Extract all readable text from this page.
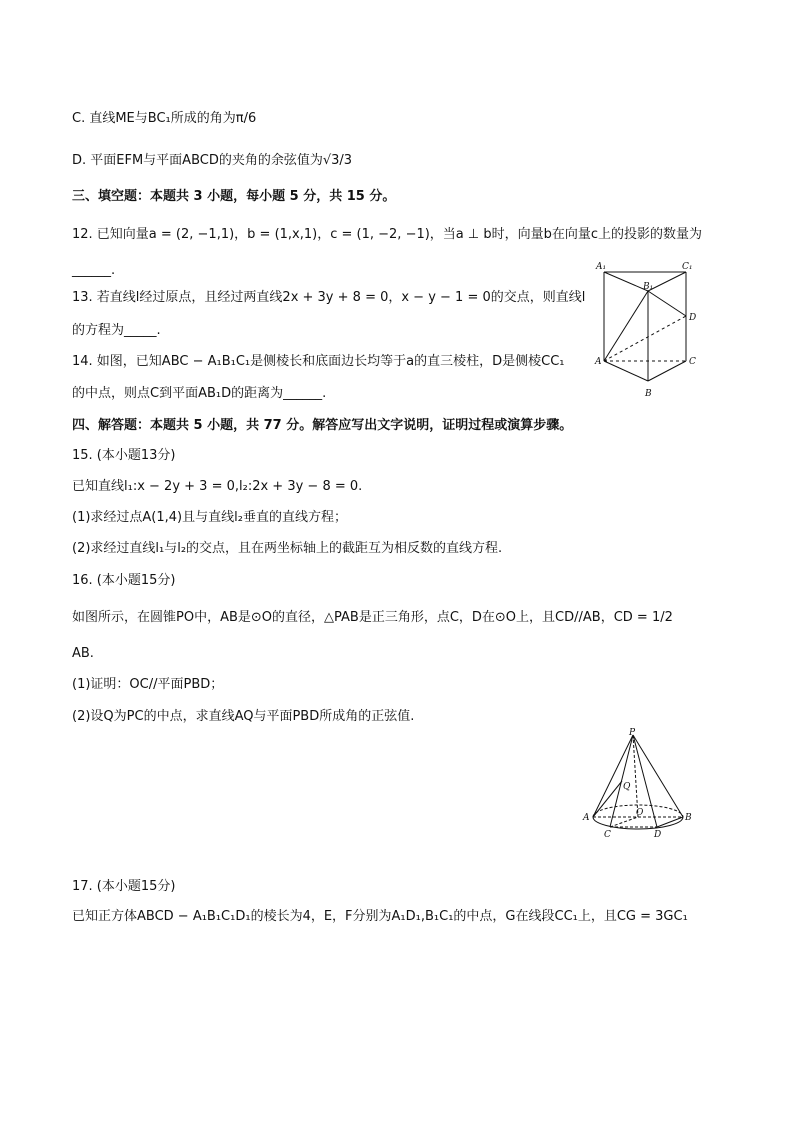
C. 直线ME与BC₁所成的角为π/6
D. 平面EFM与平面ABCD的夹角的余弦值为√3/3
三、填空题：本题共 3 小题，每小题 5 分，共 15 分。
12. 已知向量a = (2, −1,1)，b = (1,x,1)，c = (1, −2, −1)，当a ⊥ b时，向量b在向量c上的投影的数量为
______.
13. 若直线l经过原点，且经过两直线2x + 3y + 8 = 0，x − y − 1 = 0的交点，则直线l
的方程为_____.
14. 如图，已知ABC − A₁B₁C₁是侧棱长和底面边长均等于a的直三棱柱，D是侧棱CC₁
的中点，则点C到平面AB₁D的距离为______.
四、解答题：本题共 5 小题，共 77 分。解答应写出文字说明，证明过程或演算步骤。
15. (本小题13分)
已知直线l₁:x − 2y + 3 = 0,l₂:2x + 3y − 8 = 0.
(1)求经过点A(1,4)且与直线l₂垂直的直线方程；
(2)求经过直线l₁与l₂的交点，且在两坐标轴上的截距互为相反数的直线方程.
16. (本小题15分)
如图所示，在圆锥PO中，AB是⊙O的直径，△PAB是正三角形，点C，D在⊙O上，且CD//AB，CD = 1/2
AB.
(1)证明：OC//平面PBD；
(2)设Q为PC的中点，求直线AQ与平面PBD所成角的正弦值.
17. (本小题15分)
已知正方体ABCD − A₁B₁C₁D₁的棱长为4，E，F分别为A₁D₁,B₁C₁的中点，G在线段CC₁上，且CG = 3GC₁
A₁	C₁
B₁
D
A	C
B
P
Q
O
A	B
C	D
